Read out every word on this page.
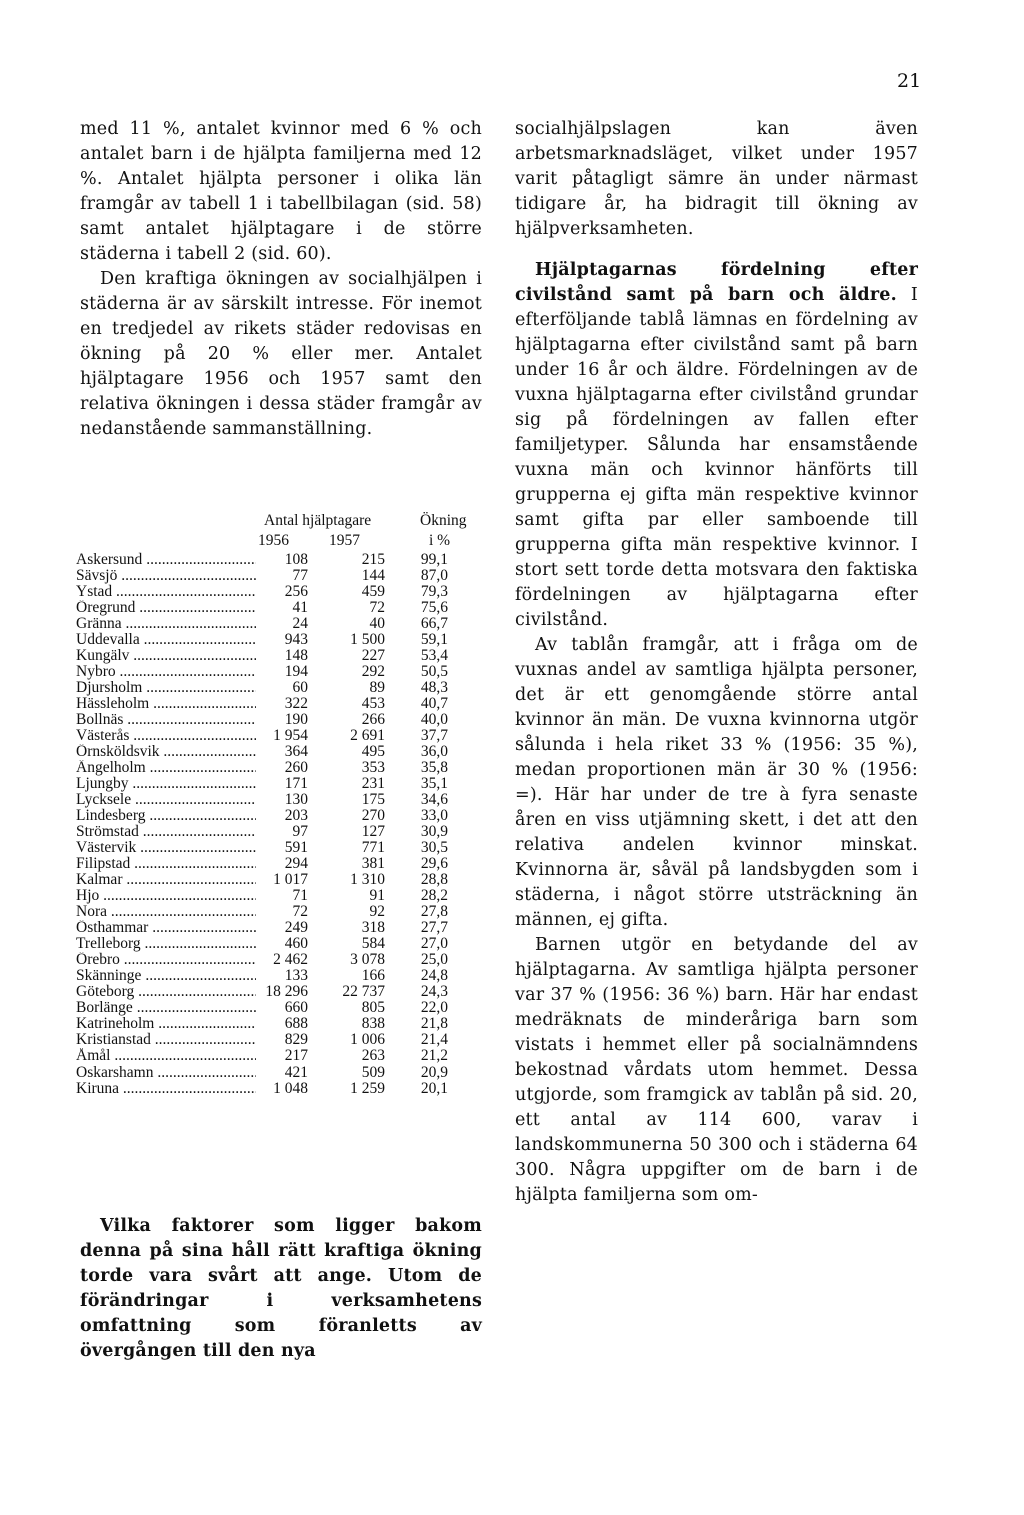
21

med 11 %, antalet kvinnor med 6 % och antalet barn i de hjälpta familjerna med 12 %. Antalet hjälpta personer i olika län framgår av tabell 1 i tabellbilagan (sid. 58) samt antalet hjälptagare i de större städerna i tabell 2 (sid. 60).

Den kraftiga ökningen av socialhjälpen i städerna är av särskilt intresse. För inemot en tredjedel av rikets städer redovisas en ökning på 20 % eller mer. Antalet hjälptagare 1956 och 1957 samt den relativa ökningen i dessa städer framgår av nedanstående sammanställning.

Antal hjälptagare	Ökning
1956	1957	i %
Askersund .....	108	215	99,1
Sävsjö .....	77	144	87,0
Ystad .....	256	459	79,3
Öregrund .....	41	72	75,6
Gränna .....	24	40	66,7
Uddevalla .....	943	1 500	59,1
Kungälv .....	148	227	53,4
Nybro .....	194	292	50,5
Djursholm .....	60	89	48,3
Hässleholm .....	322	453	40,7
Bollnäs .....	190	266	40,0
Västerås .....	1 954	2 691	37,7
Örnsköldsvik .....	364	495	36,0
Ängelholm .....	260	353	35,8
Ljungby .....	171	231	35,1
Lycksele .....	130	175	34,6
Lindesberg .....	203	270	33,0
Strömstad .....	97	127	30,9
Västervik .....	591	771	30,5
Filipstad .....	294	381	29,6
Kalmar .....	1 017	1 310	28,8
Hjo .....	71	91	28,2
Nora .....	72	92	27,8
Östhammar .....	249	318	27,7
Trelleborg .....	460	584	27,0
Örebro .....	2 462	3 078	25,0
Skänninge .....	133	166	24,8
Göteborg .....	18 296	22 737	24,3
Borlänge .....	660	805	22,0
Katrineholm .....	688	838	21,8
Kristianstad .....	829	1 006	21,4
Åmål .....	217	263	21,2
Oskarshamn .....	421	509	20,9
Kiruna .....	1 048	1 259	20,1

Vilka faktorer som ligger bakom denna på sina håll rätt kraftiga ökning torde vara svårt att ange. Utom de förändringar i verksamhetens omfattning som föranletts av övergången till den nya

socialhjälpslagen kan även arbetsmarknadsläget, vilket under 1957 varit påtagligt sämre än under närmast tidigare år, ha bidragit till ökning av hjälpverksamheten.

Hjälptagarnas fördelning efter civilstånd samt på barn och äldre. I efterföljande tablå lämnas en fördelning av hjälptagarna efter civilstånd samt på barn under 16 år och äldre. Fördelningen av de vuxna hjälptagarna efter civilstånd grundar sig på fördelningen av fallen efter familjetyper. Sålunda har ensamstående vuxna män och kvinnor hänförts till grupperna ej gifta män respektive kvinnor samt gifta par eller samboende till grupperna gifta män respektive kvinnor. I stort sett torde detta motsvara den faktiska fördelningen av hjälptagarna efter civilstånd.

Av tablån framgår, att i fråga om de vuxnas andel av samtliga hjälpta personer, det är ett genomgående större antal kvinnor än män. De vuxna kvinnorna utgör sålunda i hela riket 33 % (1956: 35 %), medan proportionen män är 30 % (1956: =). Här har under de tre à fyra senaste åren en viss utjämning skett, i det att den relativa andelen kvinnor minskat. Kvinnorna är, såväl på landsbygden som i städerna, i något större utsträckning än männen, ej gifta.

Barnen utgör en betydande del av hjälptagarna. Av samtliga hjälpta personer var 37 % (1956: 36 %) barn. Här har endast medräknats de minderåriga barn som vistats i hemmet eller på socialnämndens bekostnad vårdats utom hemmet. Dessa utgjorde, som framgick av tablån på sid. 20, ett antal av 114 600, varav i landskommunerna 50 300 och i städerna 64 300. Några uppgifter om de barn i de hjälpta familjerna som om-
